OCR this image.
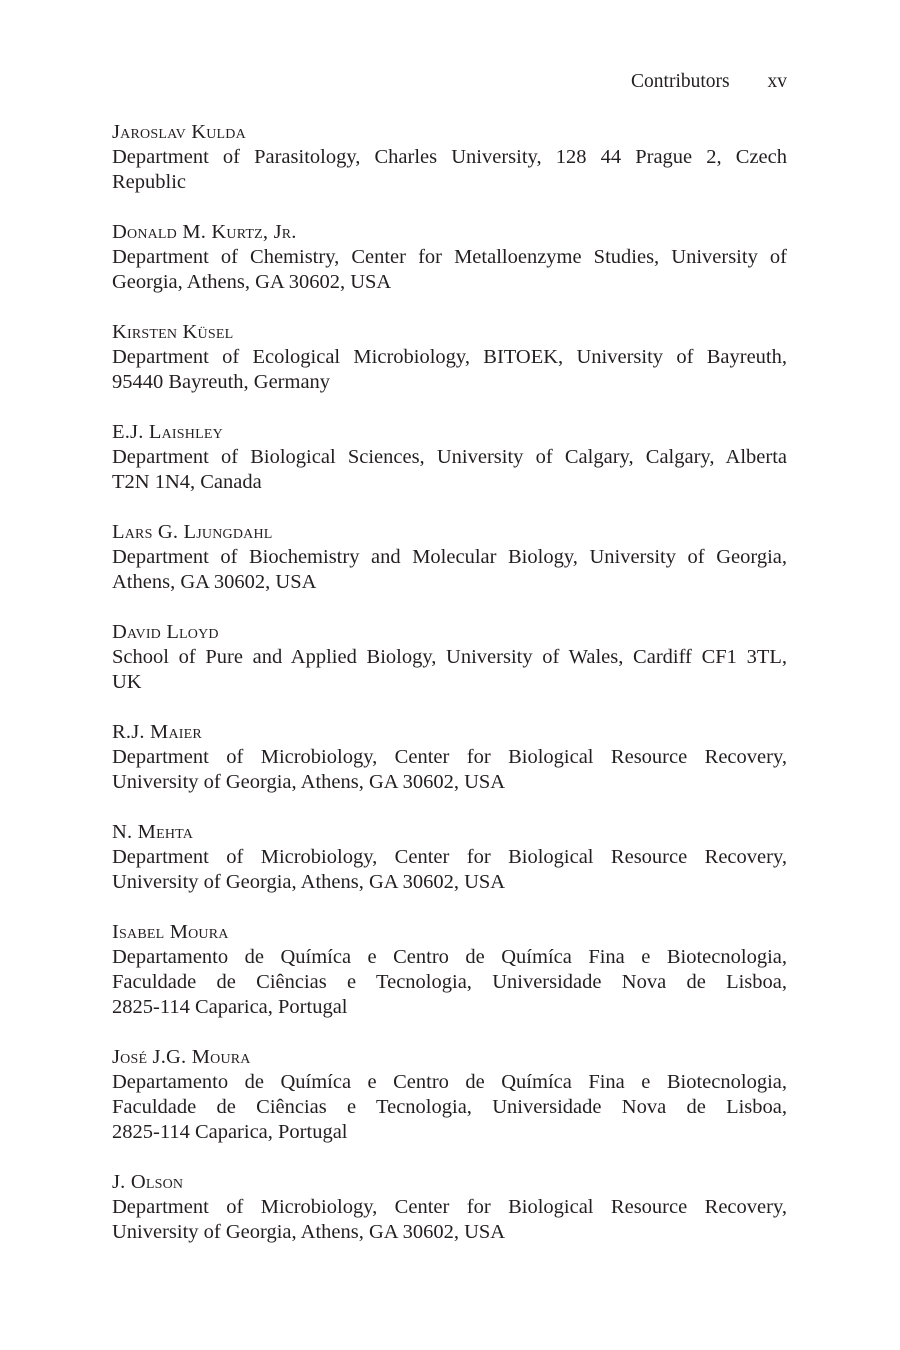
Contributors xv
Jaroslav Kulda
Department of Parasitology, Charles University, 128 44 Prague 2, Czech
Republic
Donald M. Kurtz, Jr.
Department of Chemistry, Center for Metalloenzyme Studies, University of
Georgia, Athens, GA 30602, USA
Kirsten Küsel
Department of Ecological Microbiology, BITOEK, University of Bayreuth,
95440 Bayreuth, Germany
E.J. Laishley
Department of Biological Sciences, University of Calgary, Calgary, Alberta
T2N 1N4, Canada
Lars G. Ljungdahl
Department of Biochemistry and Molecular Biology, University of Georgia,
Athens, GA 30602, USA
David Lloyd
School of Pure and Applied Biology, University of Wales, Cardiff CF1 3TL,
UK
R.J. Maier
Department of Microbiology, Center for Biological Resource Recovery,
University of Georgia, Athens, GA 30602, USA
N. Mehta
Department of Microbiology, Center for Biological Resource Recovery,
University of Georgia, Athens, GA 30602, USA
Isabel Moura
Departamento de Químíca e Centro de Químíca Fina e Biotecnologia,
Faculdade de Ciências e Tecnologia, Universidade Nova de Lisboa,
2825-114 Caparica, Portugal
José J.G. Moura
Departamento de Químíca e Centro de Químíca Fina e Biotecnologia,
Faculdade de Ciências e Tecnologia, Universidade Nova de Lisboa,
2825-114 Caparica, Portugal
J. Olson
Department of Microbiology, Center for Biological Resource Recovery,
University of Georgia, Athens, GA 30602, USA
